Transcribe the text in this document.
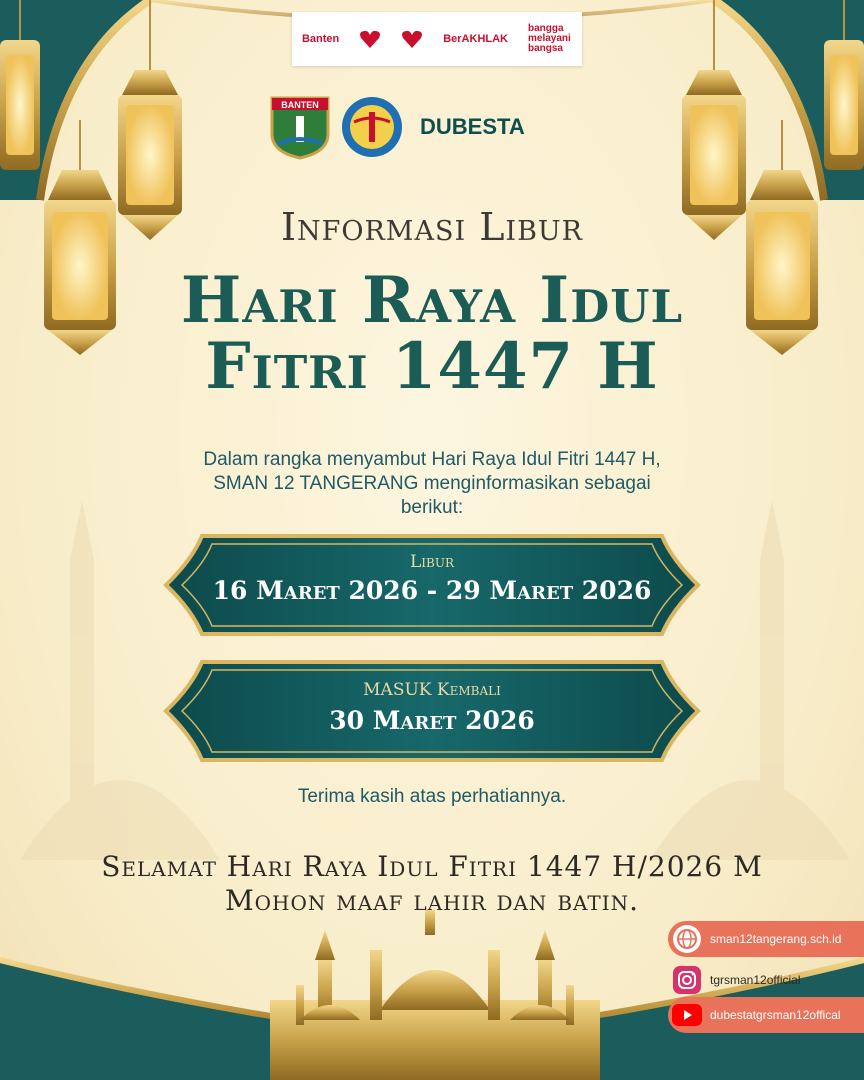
Banten	BerAKHLAK
bangga melayani bangsa
BANTEN
DUBESTA
Informasi Libur
Hari Raya Idul
Fitri 1447 H
Dalam rangka menyambut Hari Raya Idul Fitri 1447 H,
SMAN 12 TANGERANG menginformasikan sebagai
berikut:
Libur
16 Maret 2026 - 29 Maret 2026
MASUK Kembali
30 Maret 2026
Terima kasih atas perhatiannya.
Selamat Hari Raya Idul Fitri 1447 H/2026 M
Mohon maaf lahir dan batin.
sman12tangerang.sch.id
tgrsman12official
dubestatgrsman12offical
